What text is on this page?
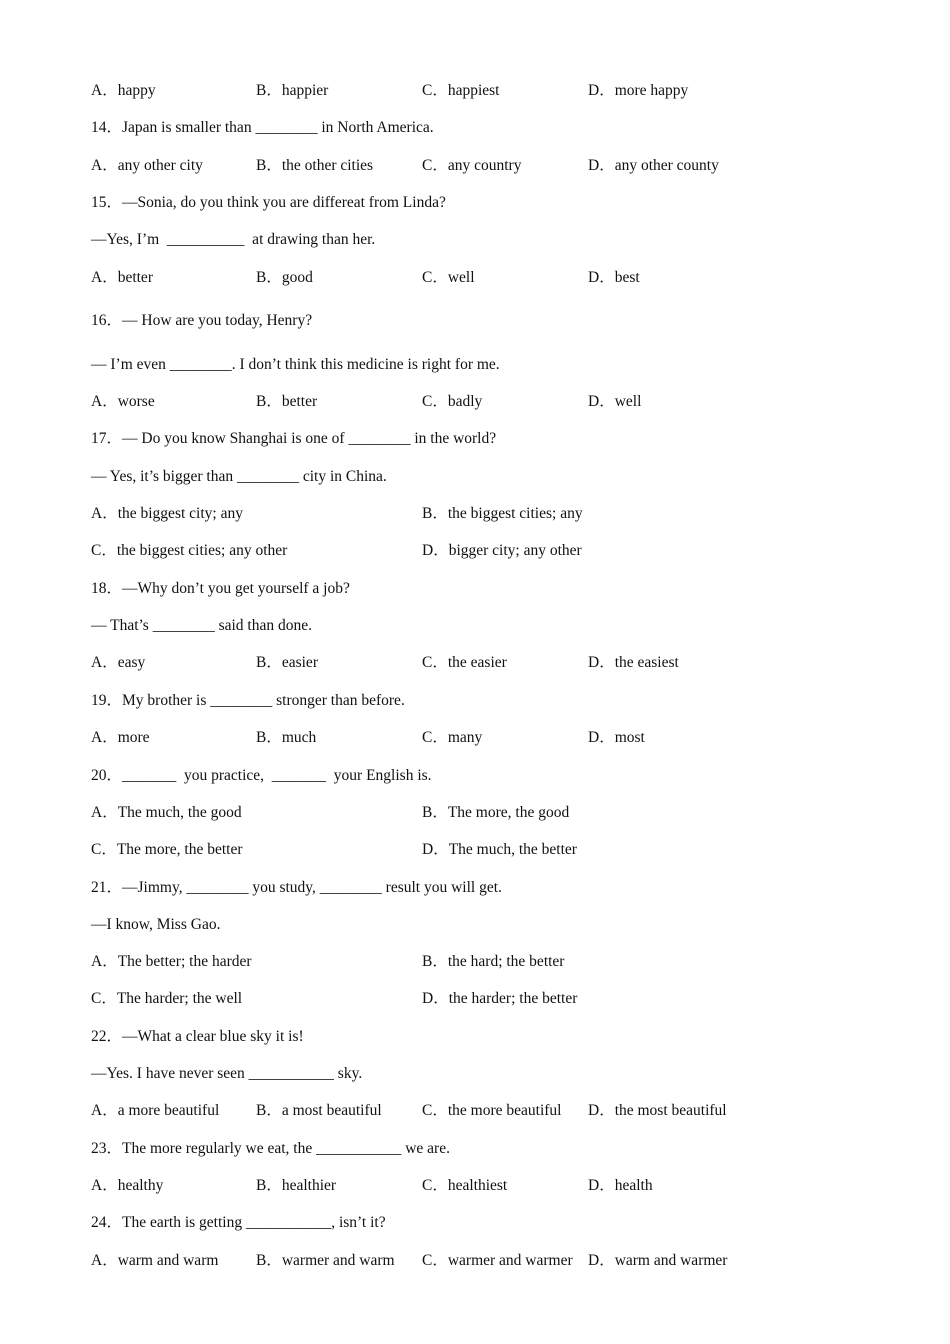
A．happy	B．happier	C．happiest	D．more happy
14．Japan is smaller than ________ in North America.
A．any other city	B．the other cities	C．any country	D．any other county
15．—Sonia, do you think you are differeat from Linda?
—Yes, I’m  __________  at drawing than her.
A．better	B．good	C．well	D．best
16．— How are you today, Henry?
— I’m even ________. I don’t think this medicine is right for me.
A．worse	B．better	C．badly	D．well
17．— Do you know Shanghai is one of ________ in the world?
— Yes, it’s bigger than ________ city in China.
A．the biggest city; any	B．the biggest cities; any
C．the biggest cities; any other	D．bigger city; any other
18．—Why don’t you get yourself a job?
— That’s ________ said than done.
A．easy	B．easier	C．the easier	D．the easiest
19．My brother is ________ stronger than before.
A．more	B．much	C．many	D．most
20．_______  you practice,  _______  your English is.
A．The much, the good	B．The more, the good
C．The more, the better	D．The much, the better
21．—Jimmy, ________ you study, ________ result you will get.
—I know, Miss Gao.
A．The better; the harder	B．the hard; the better
C．The harder; the well	D．the harder; the better
22．—What a clear blue sky it is!
—Yes. I have never seen ___________ sky.
A．a more beautiful B．a most beautiful	C．the more beautiful D．the most beautiful
23．The more regularly we eat, the ___________ we are.
A．healthy	B．healthier	C．healthiest	D．health
24．The earth is getting ___________, isn’t it?
A．warm and warm B．warmer and warm C．warmer and warmer D．warm and warmer
